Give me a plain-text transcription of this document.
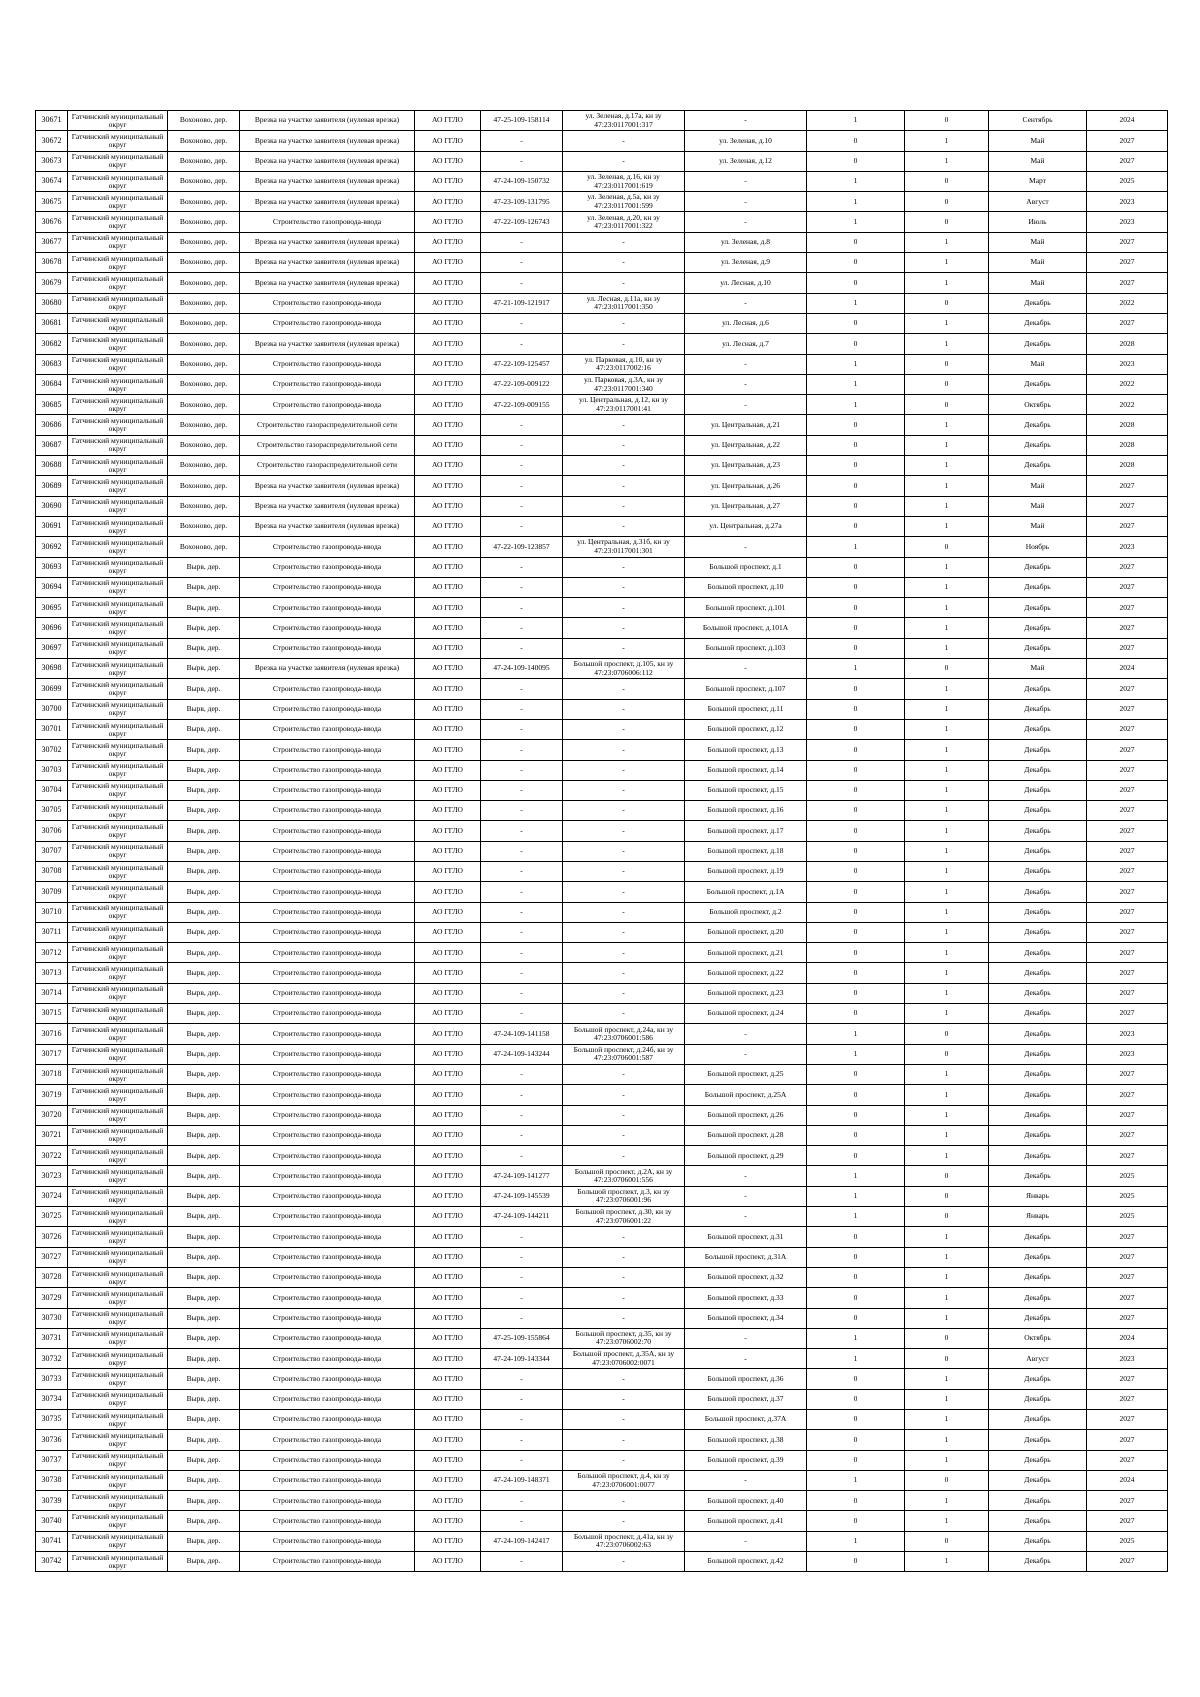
30671	Гатчинский муниципальный округ	Вохоново, дер.	Врезка на участке заявителя (нулевая врезка)	АО ГГЛО	47-25-109-158114	ул. Зеленая, д.17а, кн зу 47:23:0117001:317	-	1	0	Сентябрь	2024
30672	Гатчинский муниципальный округ	Вохоново, дер.	Врезка на участке заявителя (нулевая врезка)	АО ГГЛО	-	-	ул. Зеленая, д.10	0	1	Май	2027
30673	Гатчинский муниципальный округ	Вохоново, дер.	Врезка на участке заявителя (нулевая врезка)	АО ГГЛО	-	-	ул. Зеленая, д.12	0	1	Май	2027
30674	Гатчинский муниципальный округ	Вохоново, дер.	Врезка на участке заявителя (нулевая врезка)	АО ГГЛО	47-24-109-150732	ул. Зеленая, д.16, кн зу 47:23:0117001:619	-	1	0	Март	2025
30675	Гатчинский муниципальный округ	Вохоново, дер.	Врезка на участке заявителя (нулевая врезка)	АО ГГЛО	47-23-109-131795	ул. Зеленая, д.5а, кн зу 47:23:0117001:599	-	1	0	Август	2023
30676	Гатчинский муниципальный округ	Вохоново, дер.	Строительство газопровода-ввода	АО ГГЛО	47-22-109-126743	ул. Зеленая, д.20, кн зу 47:23:0117001:322	-	1	0	Июль	2023
30677	Гатчинский муниципальный округ	Вохоново, дер.	Врезка на участке заявителя (нулевая врезка)	АО ГГЛО	-	-	ул. Зеленая, д.8	0	1	Май	2027
30678	Гатчинский муниципальный округ	Вохоново, дер.	Врезка на участке заявителя (нулевая врезка)	АО ГГЛО	-	-	ул. Зеленая, д.9	0	1	Май	2027
30679	Гатчинский муниципальный округ	Вохоново, дер.	Врезка на участке заявителя (нулевая врезка)	АО ГГЛО	-	-	ул. Лесная, д.10	0	1	Май	2027
30680	Гатчинский муниципальный округ	Вохоново, дер.	Строительство газопровода-ввода	АО ГГЛО	47-21-109-121917	ул. Лесная, д.11а, кн зу 47:23:0117001:350	-	1	0	Декабрь	2022
30681	Гатчинский муниципальный округ	Вохоново, дер.	Строительство газопровода-ввода	АО ГГЛО	-	-	ул. Лесная, д.6	0	1	Декабрь	2027
30682	Гатчинский муниципальный округ	Вохоново, дер.	Врезка на участке заявителя (нулевая врезка)	АО ГГЛО	-	-	ул. Лесная, д.7	0	1	Декабрь	2028
30683	Гатчинский муниципальный округ	Вохоново, дер.	Строительство газопровода-ввода	АО ГГЛО	47-22-109-125457	ул. Парковая, д.10, кн зу 47:23:0117002:16	-	1	0	Май	2023
30684	Гатчинский муниципальный округ	Вохоново, дер.	Строительство газопровода-ввода	АО ГГЛО	47-22-109-009122	ул. Парковая, д.3А, кн зу 47:23:0117001:340	-	1	0	Декабрь	2022
30685	Гатчинский муниципальный округ	Вохоново, дер.	Строительство газопровода-ввода	АО ГГЛО	47-22-109-009155	ул. Центральная, д.12, кн зу 47:23:0117001:41	-	1	0	Октябрь	2022
30686	Гатчинский муниципальный округ	Вохоново, дер.	Строительство газораспределительной сети	АО ГГЛО	-	-	ул. Центральная, д.21	0	1	Декабрь	2028
30687	Гатчинский муниципальный округ	Вохоново, дер.	Строительство газораспределительной сети	АО ГГЛО	-	-	ул. Центральная, д.22	0	1	Декабрь	2028
30688	Гатчинский муниципальный округ	Вохоново, дер.	Строительство газораспределительной сети	АО ГГЛО	-	-	ул. Центральная, д.23	0	1	Декабрь	2028
30689	Гатчинский муниципальный округ	Вохоново, дер.	Врезка на участке заявителя (нулевая врезка)	АО ГГЛО	-	-	ул. Центральная, д.26	0	1	Май	2027
30690	Гатчинский муниципальный округ	Вохоново, дер.	Врезка на участке заявителя (нулевая врезка)	АО ГГЛО	-	-	ул. Центральная, д.27	0	1	Май	2027
30691	Гатчинский муниципальный округ	Вохоново, дер.	Врезка на участке заявителя (нулевая врезка)	АО ГГЛО	-	-	ул. Центральная, д.27а	0	1	Май	2027
30692	Гатчинский муниципальный округ	Вохоново, дер.	Строительство газопровода-ввода	АО ГГЛО	47-22-109-123857	ул. Центральная, д.31б, кн зу 47:23:0117001:301	-	1	0	Ноябрь	2023
30693	Гатчинский муниципальный округ	Вырв, дер.	Строительство газопровода-ввода	АО ГГЛО	-	-	Большой проспект, д.1	0	1	Декабрь	2027
30694	Гатчинский муниципальный округ	Вырв, дер.	Строительство газопровода-ввода	АО ГГЛО	-	-	Большой проспект, д.10	0	1	Декабрь	2027
30695	Гатчинский муниципальный округ	Вырв, дер.	Строительство газопровода-ввода	АО ГГЛО	-	-	Большой проспект, д.101	0	1	Декабрь	2027
30696	Гатчинский муниципальный округ	Вырв, дер.	Строительство газопровода-ввода	АО ГГЛО	-	-	Большой проспект, д.101А	0	1	Декабрь	2027
30697	Гатчинский муниципальный округ	Вырв, дер.	Строительство газопровода-ввода	АО ГГЛО	-	-	Большой проспект, д.103	0	1	Декабрь	2027
30698	Гатчинский муниципальный округ	Вырв, дер.	Врезка на участке заявителя (нулевая врезка)	АО ГГЛО	47-24-109-140095	Большой проспект, д.105, кн зу 47:23:0706006:112	-	1	0	Май	2024
30699	Гатчинский муниципальный округ	Вырв, дер.	Строительство газопровода-ввода	АО ГГЛО	-	-	Большой проспект, д.107	0	1	Декабрь	2027
30700	Гатчинский муниципальный округ	Вырв, дер.	Строительство газопровода-ввода	АО ГГЛО	-	-	Большой проспект, д.11	0	1	Декабрь	2027
30701	Гатчинский муниципальный округ	Вырв, дер.	Строительство газопровода-ввода	АО ГГЛО	-	-	Большой проспект, д.12	0	1	Декабрь	2027
30702	Гатчинский муниципальный округ	Вырв, дер.	Строительство газопровода-ввода	АО ГГЛО	-	-	Большой проспект, д.13	0	1	Декабрь	2027
30703	Гатчинский муниципальный округ	Вырв, дер.	Строительство газопровода-ввода	АО ГГЛО	-	-	Большой проспект, д.14	0	1	Декабрь	2027
30704	Гатчинский муниципальный округ	Вырв, дер.	Строительство газопровода-ввода	АО ГГЛО	-	-	Большой проспект, д.15	0	1	Декабрь	2027
30705	Гатчинский муниципальный округ	Вырв, дер.	Строительство газопровода-ввода	АО ГГЛО	-	-	Большой проспект, д.16	0	1	Декабрь	2027
30706	Гатчинский муниципальный округ	Вырв, дер.	Строительство газопровода-ввода	АО ГГЛО	-	-	Большой проспект, д.17	0	1	Декабрь	2027
30707	Гатчинский муниципальный округ	Вырв, дер.	Строительство газопровода-ввода	АО ГГЛО	-	-	Большой проспект, д.18	0	1	Декабрь	2027
30708	Гатчинский муниципальный округ	Вырв, дер.	Строительство газопровода-ввода	АО ГГЛО	-	-	Большой проспект, д.19	0	1	Декабрь	2027
30709	Гатчинский муниципальный округ	Вырв, дер.	Строительство газопровода-ввода	АО ГГЛО	-	-	Большой проспект, д.1А	0	1	Декабрь	2027
30710	Гатчинский муниципальный округ	Вырв, дер.	Строительство газопровода-ввода	АО ГГЛО	-	-	Большой проспект, д.2	0	1	Декабрь	2027
30711	Гатчинский муниципальный округ	Вырв, дер.	Строительство газопровода-ввода	АО ГГЛО	-	-	Большой проспект, д.20	0	1	Декабрь	2027
30712	Гатчинский муниципальный округ	Вырв, дер.	Строительство газопровода-ввода	АО ГГЛО	-	-	Большой проспект, д.21	0	1	Декабрь	2027
30713	Гатчинский муниципальный округ	Вырв, дер.	Строительство газопровода-ввода	АО ГГЛО	-	-	Большой проспект, д.22	0	1	Декабрь	2027
30714	Гатчинский муниципальный округ	Вырв, дер.	Строительство газопровода-ввода	АО ГГЛО	-	-	Большой проспект, д.23	0	1	Декабрь	2027
30715	Гатчинский муниципальный округ	Вырв, дер.	Строительство газопровода-ввода	АО ГГЛО	-	-	Большой проспект, д.24	0	1	Декабрь	2027
30716	Гатчинский муниципальный округ	Вырв, дер.	Строительство газопровода-ввода	АО ГГЛО	47-24-109-141158	Большой проспект, д.24а, кн зу 47:23:0706001:586	-	1	0	Декабрь	2023
30717	Гатчинский муниципальный округ	Вырв, дер.	Строительство газопровода-ввода	АО ГГЛО	47-24-109-143244	Большой проспект, д.24б, кн зу 47:23:0706001:587	-	1	0	Декабрь	2023
30718	Гатчинский муниципальный округ	Вырв, дер.	Строительство газопровода-ввода	АО ГГЛО	-	-	Большой проспект, д.25	0	1	Декабрь	2027
30719	Гатчинский муниципальный округ	Вырв, дер.	Строительство газопровода-ввода	АО ГГЛО	-	-	Большой проспект, д.25А	0	1	Декабрь	2027
30720	Гатчинский муниципальный округ	Вырв, дер.	Строительство газопровода-ввода	АО ГГЛО	-	-	Большой проспект, д.26	0	1	Декабрь	2027
30721	Гатчинский муниципальный округ	Вырв, дер.	Строительство газопровода-ввода	АО ГГЛО	-	-	Большой проспект, д.28	0	1	Декабрь	2027
30722	Гатчинский муниципальный округ	Вырв, дер.	Строительство газопровода-ввода	АО ГГЛО	-	-	Большой проспект, д.29	0	1	Декабрь	2027
30723	Гатчинский муниципальный округ	Вырв, дер.	Строительство газопровода-ввода	АО ГГЛО	47-24-109-141277	Большой проспект, д.2А, кн зу 47:23:0706001:556	-	1	0	Декабрь	2025
30724	Гатчинский муниципальный округ	Вырв, дер.	Строительство газопровода-ввода	АО ГГЛО	47-24-109-145539	Большой проспект, д.3, кн зу 47:23:0706001:96	-	1	0	Январь	2025
30725	Гатчинский муниципальный округ	Вырв, дер.	Строительство газопровода-ввода	АО ГГЛО	47-24-109-144211	Большой проспект, д.30, кн зу 47:23:0706001:22	-	1	0	Январь	2025
30726	Гатчинский муниципальный округ	Вырв, дер.	Строительство газопровода-ввода	АО ГГЛО	-	-	Большой проспект, д.31	0	1	Декабрь	2027
30727	Гатчинский муниципальный округ	Вырв, дер.	Строительство газопровода-ввода	АО ГГЛО	-	-	Большой проспект, д.31А	0	1	Декабрь	2027
30728	Гатчинский муниципальный округ	Вырв, дер.	Строительство газопровода-ввода	АО ГГЛО	-	-	Большой проспект, д.32	0	1	Декабрь	2027
30729	Гатчинский муниципальный округ	Вырв, дер.	Строительство газопровода-ввода	АО ГГЛО	-	-	Большой проспект, д.33	0	1	Декабрь	2027
30730	Гатчинский муниципальный округ	Вырв, дер.	Строительство газопровода-ввода	АО ГГЛО	-	-	Большой проспект, д.34	0	1	Декабрь	2027
30731	Гатчинский муниципальный округ	Вырв, дер.	Строительство газопровода-ввода	АО ГГЛО	47-25-109-155864	Большой проспект, д.35, кн зу 47:23:0706002:70	-	1	0	Октябрь	2024
30732	Гатчинский муниципальный округ	Вырв, дер.	Строительство газопровода-ввода	АО ГГЛО	47-24-109-143344	Большой проспект, д.35А, кн зу 47:23:0706002:0071	-	1	0	Август	2023
30733	Гатчинский муниципальный округ	Вырв, дер.	Строительство газопровода-ввода	АО ГГЛО	-	-	Большой проспект, д.36	0	1	Декабрь	2027
30734	Гатчинский муниципальный округ	Вырв, дер.	Строительство газопровода-ввода	АО ГГЛО	-	-	Большой проспект, д.37	0	1	Декабрь	2027
30735	Гатчинский муниципальный округ	Вырв, дер.	Строительство газопровода-ввода	АО ГГЛО	-	-	Большой проспект, д.37А	0	1	Декабрь	2027
30736	Гатчинский муниципальный округ	Вырв, дер.	Строительство газопровода-ввода	АО ГГЛО	-	-	Большой проспект, д.38	0	1	Декабрь	2027
30737	Гатчинский муниципальный округ	Вырв, дер.	Строительство газопровода-ввода	АО ГГЛО	-	-	Большой проспект, д.39	0	1	Декабрь	2027
30738	Гатчинский муниципальный округ	Вырв, дер.	Строительство газопровода-ввода	АО ГГЛО	47-24-109-148371	Большой проспект, д.4, кн зу 47:23:0706001:0077	-	1	0	Декабрь	2024
30739	Гатчинский муниципальный округ	Вырв, дер.	Строительство газопровода-ввода	АО ГГЛО	-	-	Большой проспект, д.40	0	1	Декабрь	2027
30740	Гатчинский муниципальный округ	Вырв, дер.	Строительство газопровода-ввода	АО ГГЛО	-	-	Большой проспект, д.41	0	1	Декабрь	2027
30741	Гатчинский муниципальный округ	Вырв, дер.	Строительство газопровода-ввода	АО ГГЛО	47-24-109-142417	Большой проспект, д.41а, кн зу 47:23:0706002:63	-	1	0	Декабрь	2025
30742	Гатчинский муниципальный округ	Вырв, дер.	Строительство газопровода-ввода	АО ГГЛО	-	-	Большой проспект, д.42	0	1	Декабрь	2027
